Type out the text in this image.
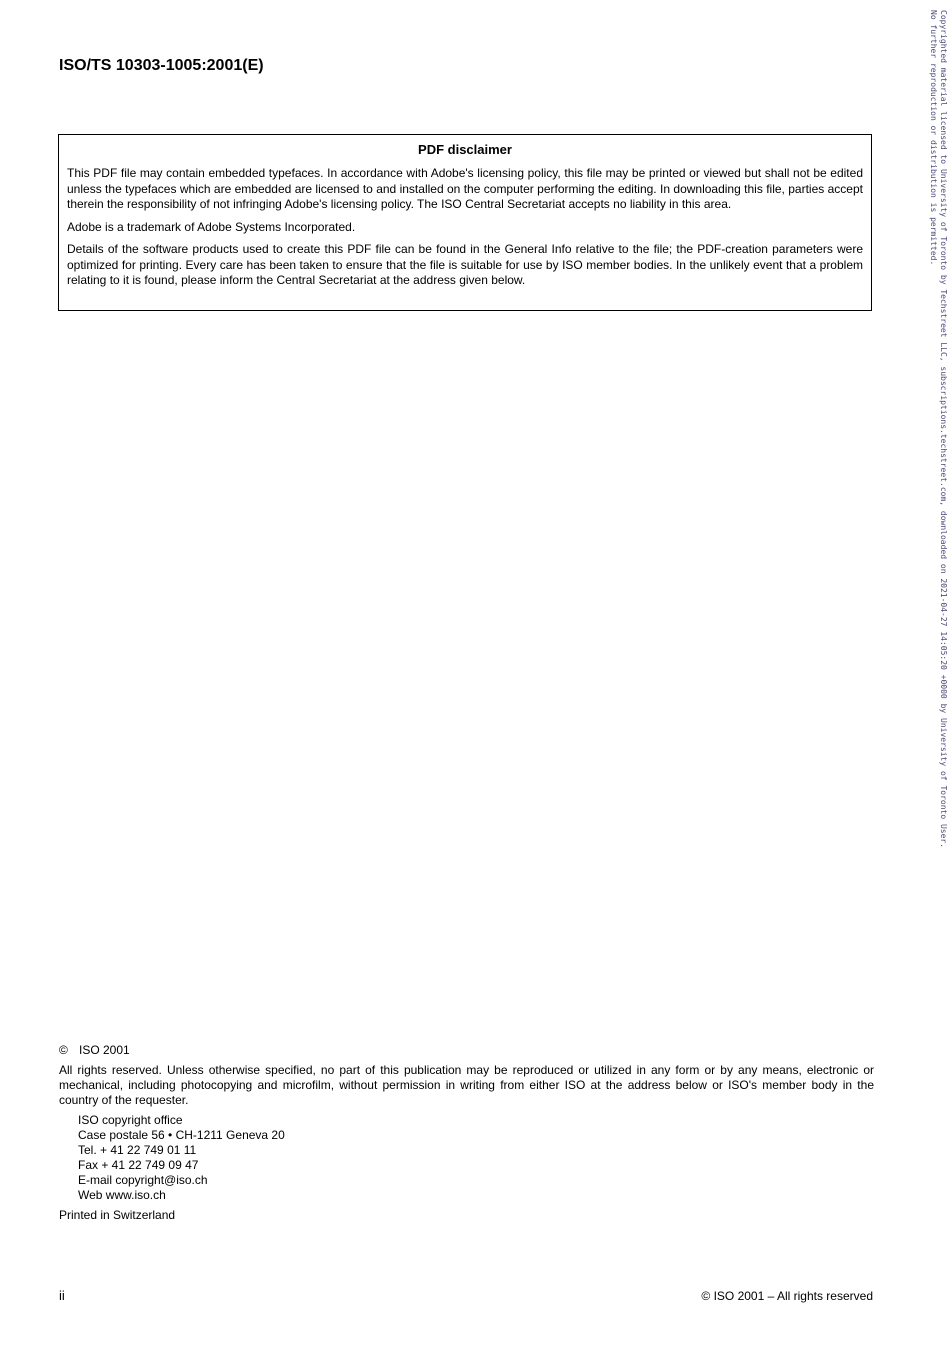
ISO/TS 10303-1005:2001(E)
PDF disclaimer

This PDF file may contain embedded typefaces. In accordance with Adobe's licensing policy, this file may be printed or viewed but shall not be edited unless the typefaces which are embedded are licensed to and installed on the computer performing the editing. In downloading this file, parties accept therein the responsibility of not infringing Adobe's licensing policy. The ISO Central Secretariat accepts no liability in this area.

Adobe is a trademark of Adobe Systems Incorporated.

Details of the software products used to create this PDF file can be found in the General Info relative to the file; the PDF-creation parameters were optimized for printing. Every care has been taken to ensure that the file is suitable for use by ISO member bodies. In the unlikely event that a problem relating to it is found, please inform the Central Secretariat at the address given below.

© ISO 2001
All rights reserved. Unless otherwise specified, no part of this publication may be reproduced or utilized in any form or by any means, electronic or mechanical, including photocopying and microfilm, without permission in writing from either ISO at the address below or ISO's member body in the country of the requester.
ISO copyright office
Case postale 56 • CH-1211 Geneva 20
Tel. + 41 22 749 01 11
Fax + 41 22 749 09 47
E-mail copyright@iso.ch
Web www.iso.ch
Printed in Switzerland
ii	© ISO 2001 – All rights reserved
Copyrighted material licensed to University of Toronto by Techstreet LLC, subscriptions.techstreet.com, downloaded on 2021-04-27 14:05:20 +0000 by University of Toronto User.
No further reproduction or distribution is permitted.
